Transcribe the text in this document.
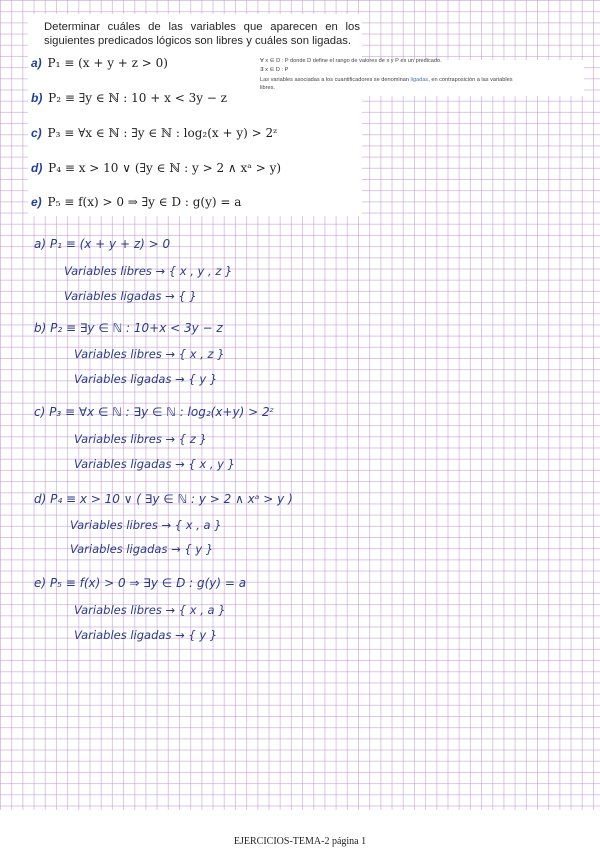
Determinar cuáles de las variables que aparecen en los siguientes predicados lógicos son libres y cuáles son ligadas.
a) P₁ ≡ (x + y + z > 0)
b) P₂ ≡ ∃y ∈ ℕ : 10 + x < 3y − z
c) P₃ ≡ ∀x ∈ ℕ : ∃y ∈ ℕ : log₂(x + y) > 2ᶻ
d) P₄ ≡ x > 10 ∨ (∃y ∈ ℕ : y > 2 ∧ xᵃ > y)
e) P₅ ≡ f(x) > 0 ⇒ ∃y ∈ D : g(y) = a
∀ x ∈ D : P donde D define el rango de valores de x y P es un predicado.
∃ x ∈ D : P
Las variables asociadas a los cuantificadores se denominan ligadas, en contraposición a las variables
libres.
a) P₁ ≡ (x + y + z) > 0
Variables libres → { x , y , z }
Variables ligadas → { }
b) P₂ ≡ ∃y ∈ ℕ : 10+x < 3y − z
Variables libres → { x , z }
Variables ligadas → { y }
c) P₃ ≡ ∀x ∈ ℕ : ∃y ∈ ℕ : log₂(x+y) > 2ᶻ
Variables libres → { z }
Variables ligadas → { x , y }
d) P₄ ≡ x > 10 ∨ ( ∃y ∈ ℕ : y > 2 ∧ xᵃ > y )
Variables libres → { x , a }
Variables ligadas → { y }
e) P₅ ≡ f(x) > 0 ⇒ ∃y ∈ D : g(y) = a
Variables libres → { x , a }
Variables ligadas → { y }
EJERCICIOS-TEMA-2 página 1
